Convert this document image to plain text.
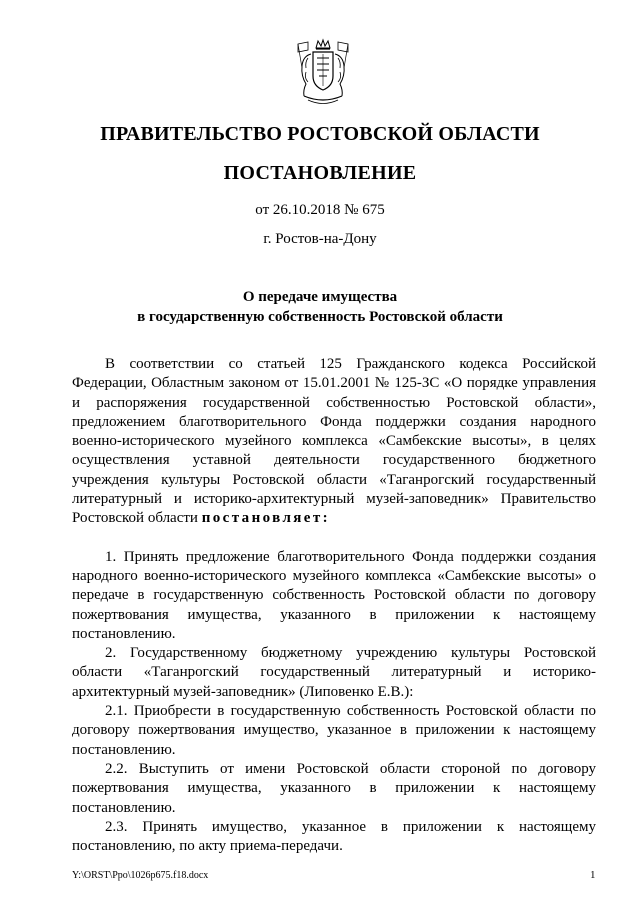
ПРАВИТЕЛЬСТВО РОСТОВСКОЙ ОБЛАСТИ
ПОСТАНОВЛЕНИЕ
от 26.10.2018 № 675
г. Ростов-на-Дону
О передаче имущества
в государственную собственность Ростовской области

В соответствии со статьей 125 Гражданского кодекса Российской Федерации, Областным законом от 15.01.2001 № 125-ЗС «О порядке управления и распоряжения государственной собственностью Ростовской области», предложением благотворительного Фонда поддержки создания народного военно-исторического музейного комплекса «Самбекские высоты», в целях осуществления уставной деятельности государственного бюджетного учреждения культуры Ростовской области «Таганрогский государственный литературный и историко-архитектурный музей-заповедник» Правительство Ростовской области постановляет:

1. Принять предложение благотворительного Фонда поддержки создания народного военно-исторического музейного комплекса «Самбекские высоты» о передаче в государственную собственность Ростовской области по договору пожертвования имущества, указанного в приложении к настоящему постановлению.

2. Государственному бюджетному учреждению культуры Ростовской области «Таганрогский государственный литературный и историко-архитектурный музей-заповедник» (Липовенко Е.В.):

2.1. Приобрести в государственную собственность Ростовской области по договору пожертвования имущество, указанное в приложении к настоящему постановлению.

2.2. Выступить от имени Ростовской области стороной по договору пожертвования имущества, указанного в приложении к настоящему постановлению.

2.3. Принять имущество, указанное в приложении к настоящему постановлению, по акту приема-передачи.

Y:\ORST\Ppo\1026p675.f18.docx	1
